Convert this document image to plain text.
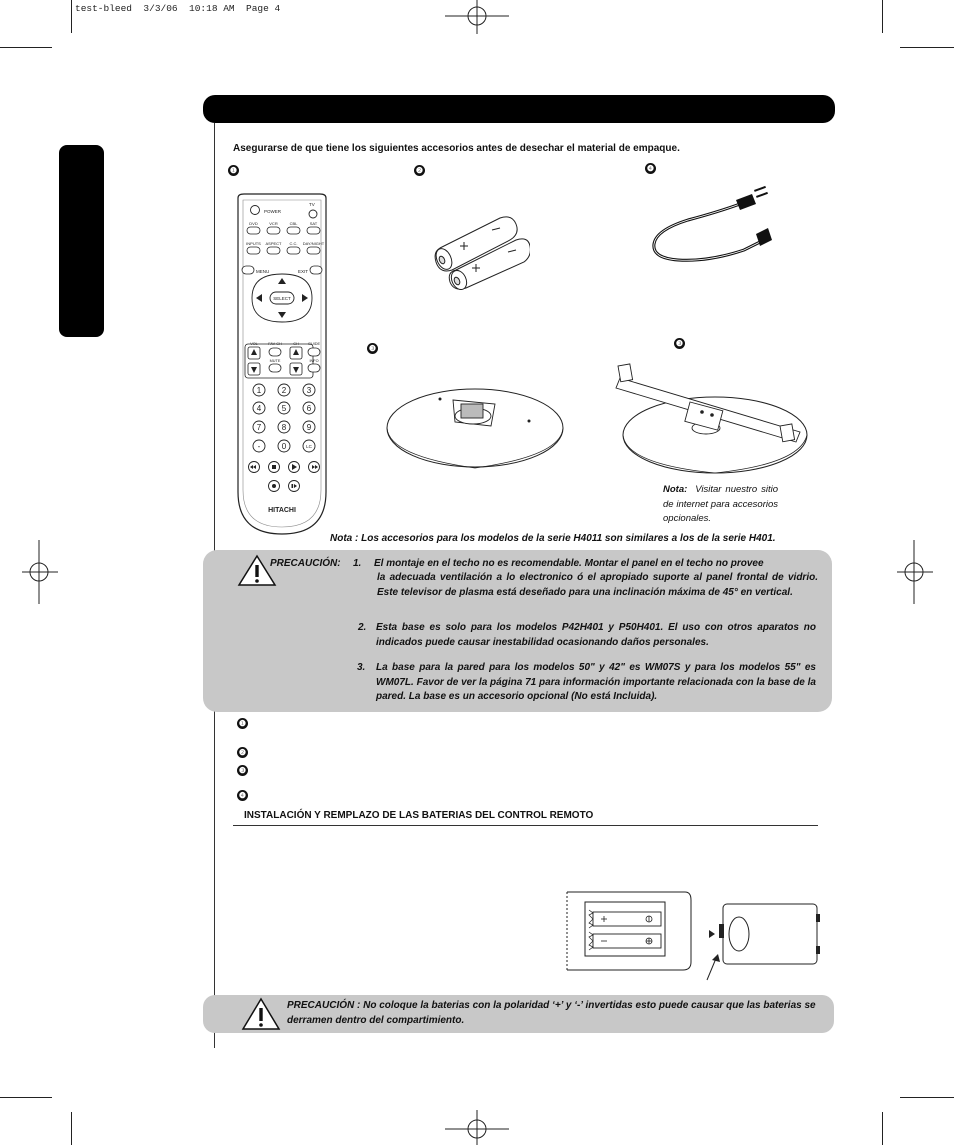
test-bleed  3/3/06  10:18 AM  Page 4
Asegurarse de que tiene los siguientes accesorios antes de desechar el material de empaque.
❶	❷	❹
❸
❸
POWER
TV
DVD	VCR	CBL	SAT
INPUTS ASPECT C.C. DAY/NIGHT
MENU	EXIT
SELECT
VOL	FAV CH	CH GUIDE
MUTE	INFO
1	2	3
4	5	6
7	8	9
-	0	LC
HITACHI
Nota: Visitar nuestro sitio de internet para accesorios opcionales.
Nota : Los accesorios para los modelos de la serie H4011 son similares a los de la serie H401.
PRECAUCIÓN: 1. El montaje en el techo no es recomendable. Montar el panel en el techo no provee
la adecuada ventilación a lo electronico ó el apropiado suporte al panel frontal de vidrio. Este televisor de plasma está deseñado para una inclinación máxima de 45° en vertical.
2. Esta base es solo para los modelos P42H401 y P50H401. El uso con otros aparatos no indicados puede causar inestabilidad ocasionando daños personales.
3. La base para la pared para los modelos 50" y 42" es WM07S y para los modelos 55" es WM07L. Favor de ver la página 71 para información importante relacionada con la base de la pared. La base es un accesorio opcional (No está Incluida).
❶
❷
❸
❹
INSTALACIÓN Y REMPLAZO DE LAS BATERIAS DEL CONTROL REMOTO
PRECAUCIÓN : No coloque la baterias con la polaridad ‘+’ y ‘-’ invertidas esto puede causar que las baterias se derramen dentro del compartimiento.
